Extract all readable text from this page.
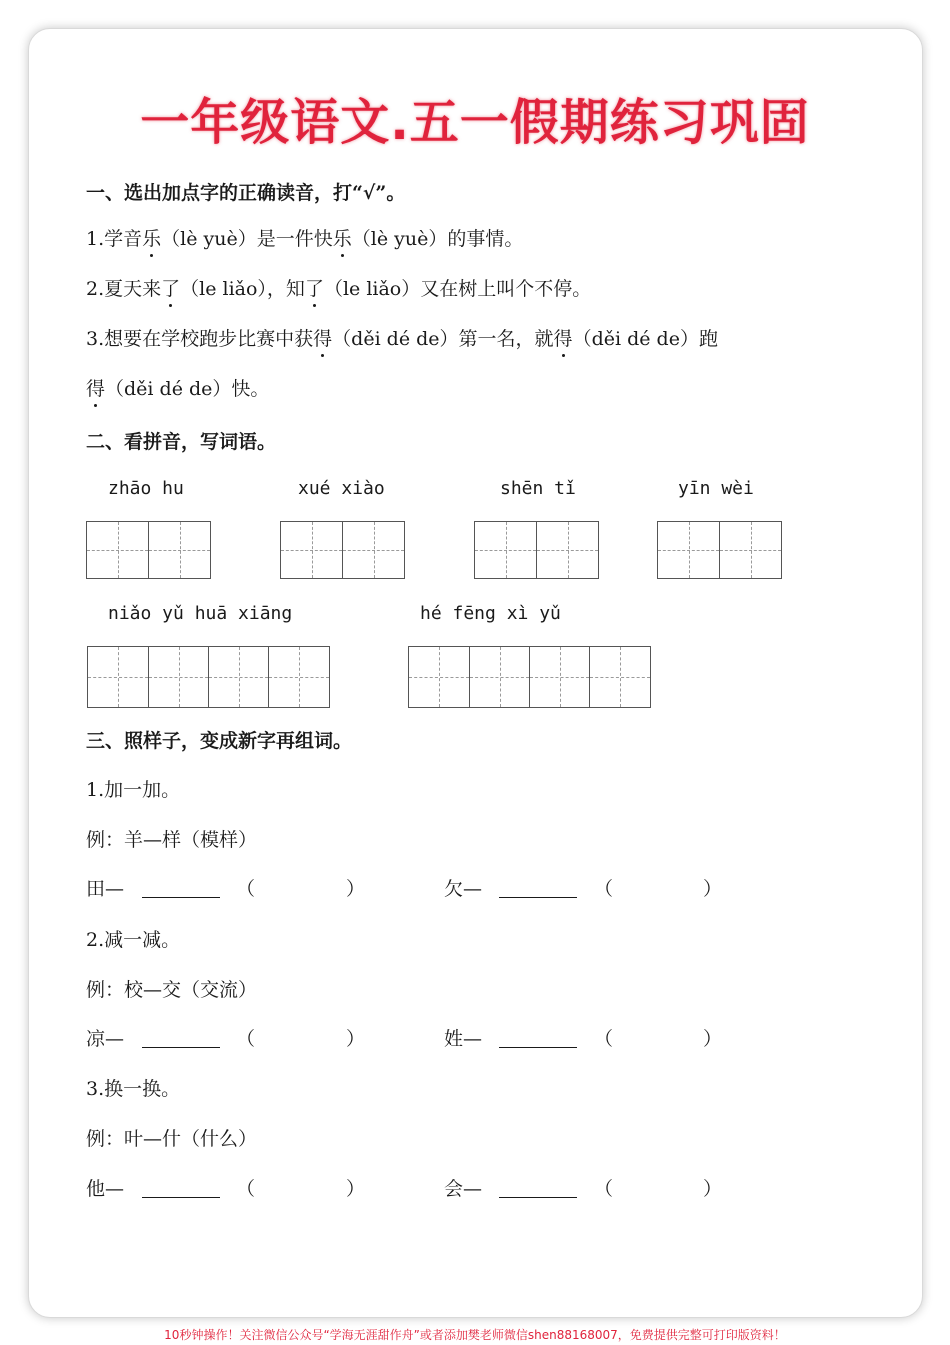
一年级语文.五一假期练习巩固
一、选出加点字的正确读音，打“√”。
1.学音乐（lè yuè）是一件快乐（lè yuè）的事情。
2.夏天来了（le liǎo），知了（le liǎo）又在树上叫个不停。
3.想要在学校跑步比赛中获得（děi dé de）第一名，就得（děi dé de）跑
得（děi dé de）快。
二、看拼音，写词语。
zhāo hu	xué xiào	shēn tǐ	yīn wèi
niǎo yǔ huā xiāng	hé fēng xì yǔ
三、照样子，变成新字再组词。
1.加一加。
例：羊—样（模样）
田—	（	）	欠—	（	）
2.减一减。
例：校—交（交流）
凉—	（	）	姓—	（	）
3.换一换。
例：叶—什（什么）
他—	（	）	会—	（	）
10秒钟操作！关注微信公众号“学海无涯甜作舟”或者添加樊老师微信shen88168007，免费提供完整可打印版资料！
